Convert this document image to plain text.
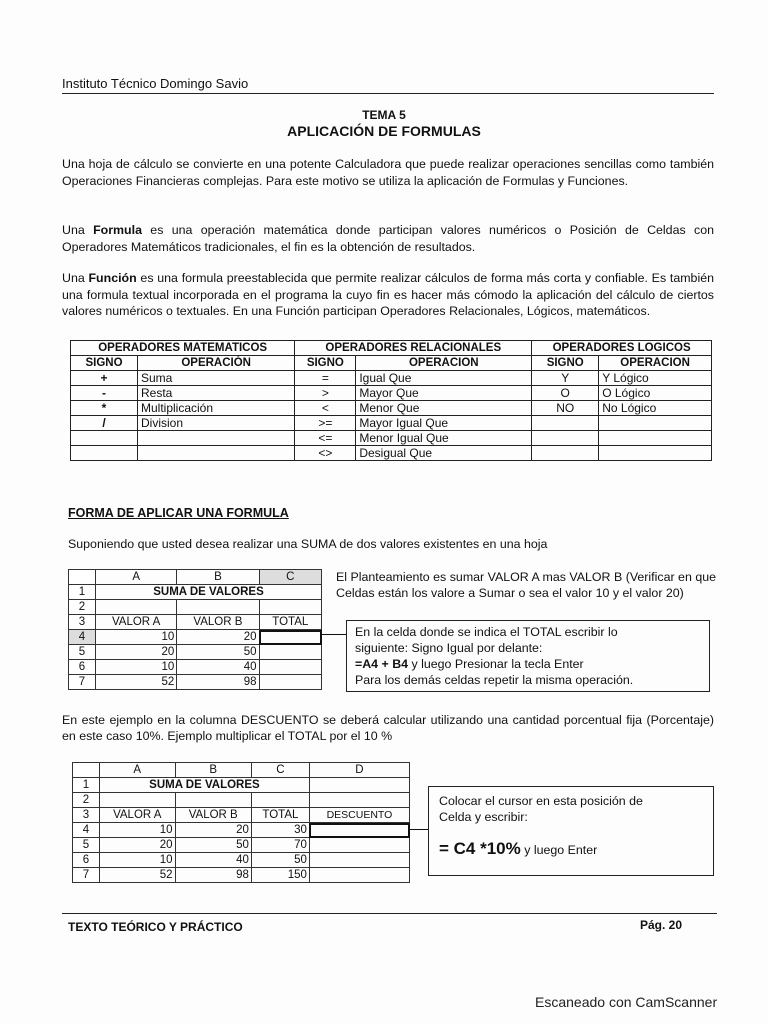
Instituto Técnico Domingo Savio
TEMA 5
APLICACIÓN DE FORMULAS
Una hoja de cálculo se convierte en una potente Calculadora que puede realizar operaciones sencillas como también Operaciones Financieras complejas. Para este motivo se utiliza la aplicación de Formulas y Funciones.
Una Formula es una operación matemática donde participan valores numéricos o Posición de Celdas con Operadores Matemáticos tradicionales, el fin es la obtención de resultados.
Una Función es una formula preestablecida que permite realizar cálculos de forma más corta y confiable. Es también una formula textual incorporada en el programa la cuyo fin es hacer más cómodo la aplicación del cálculo de ciertos valores numéricos o textuales. En una Función participan Operadores Relacionales, Lógicos, matemáticos.
OPERADORES MATEMATICOS		OPERADORES RELACIONALES		OPERADORES LOGICOS	
SIGNO	OPERACIÓN	SIGNO	OPERACION	SIGNO	OPERACION
+	Suma	=	Igual Que	Y	Y Lógico
-	Resta	>	Mayor Que	O	O Lógico
*	Multiplicación	<	Menor Que	NO	No Lógico
/	Division	>=	Mayor Igual Que		
		<=	Menor Igual Que		
		<>	Desigual Que		
FORMA DE APLICAR UNA FORMULA
Suponiendo que usted desea realizar una SUMA de dos valores existentes en una hoja
	A	B	C
1	SUMA DE VALORES		
2			
3	VALOR A	VALOR B	TOTAL
4	10	20	
5	20	50	
6	10	40	
7	52	98	
El Planteamiento es sumar VALOR A mas VALOR B (Verificar en que Celdas están los valore a Sumar o sea el valor 10 y el valor 20)
En la celda donde se indica el TOTAL escribir lo
siguiente: Signo Igual por delante:
=A4 + B4 y luego Presionar la tecla Enter
Para los demás celdas repetir la misma operación.
En este ejemplo en la columna DESCUENTO se deberá calcular utilizando una cantidad porcentual fija (Porcentaje) en este caso 10%. Ejemplo multiplicar el TOTAL por el 10 %
	A	B	C	D
1	SUMA DE VALORES			
2				
3	VALOR A	VALOR B	TOTAL	DESCUENTO
4	10	20	30	
5	20	50	70	
6	10	40	50	
7	52	98	150	
Colocar el cursor en esta posición de
Celda y escribir:
= C4 *10% y luego Enter
TEXTO TEÓRICO Y PRÁCTICO	Pág. 20
Escaneado con CamScanner
